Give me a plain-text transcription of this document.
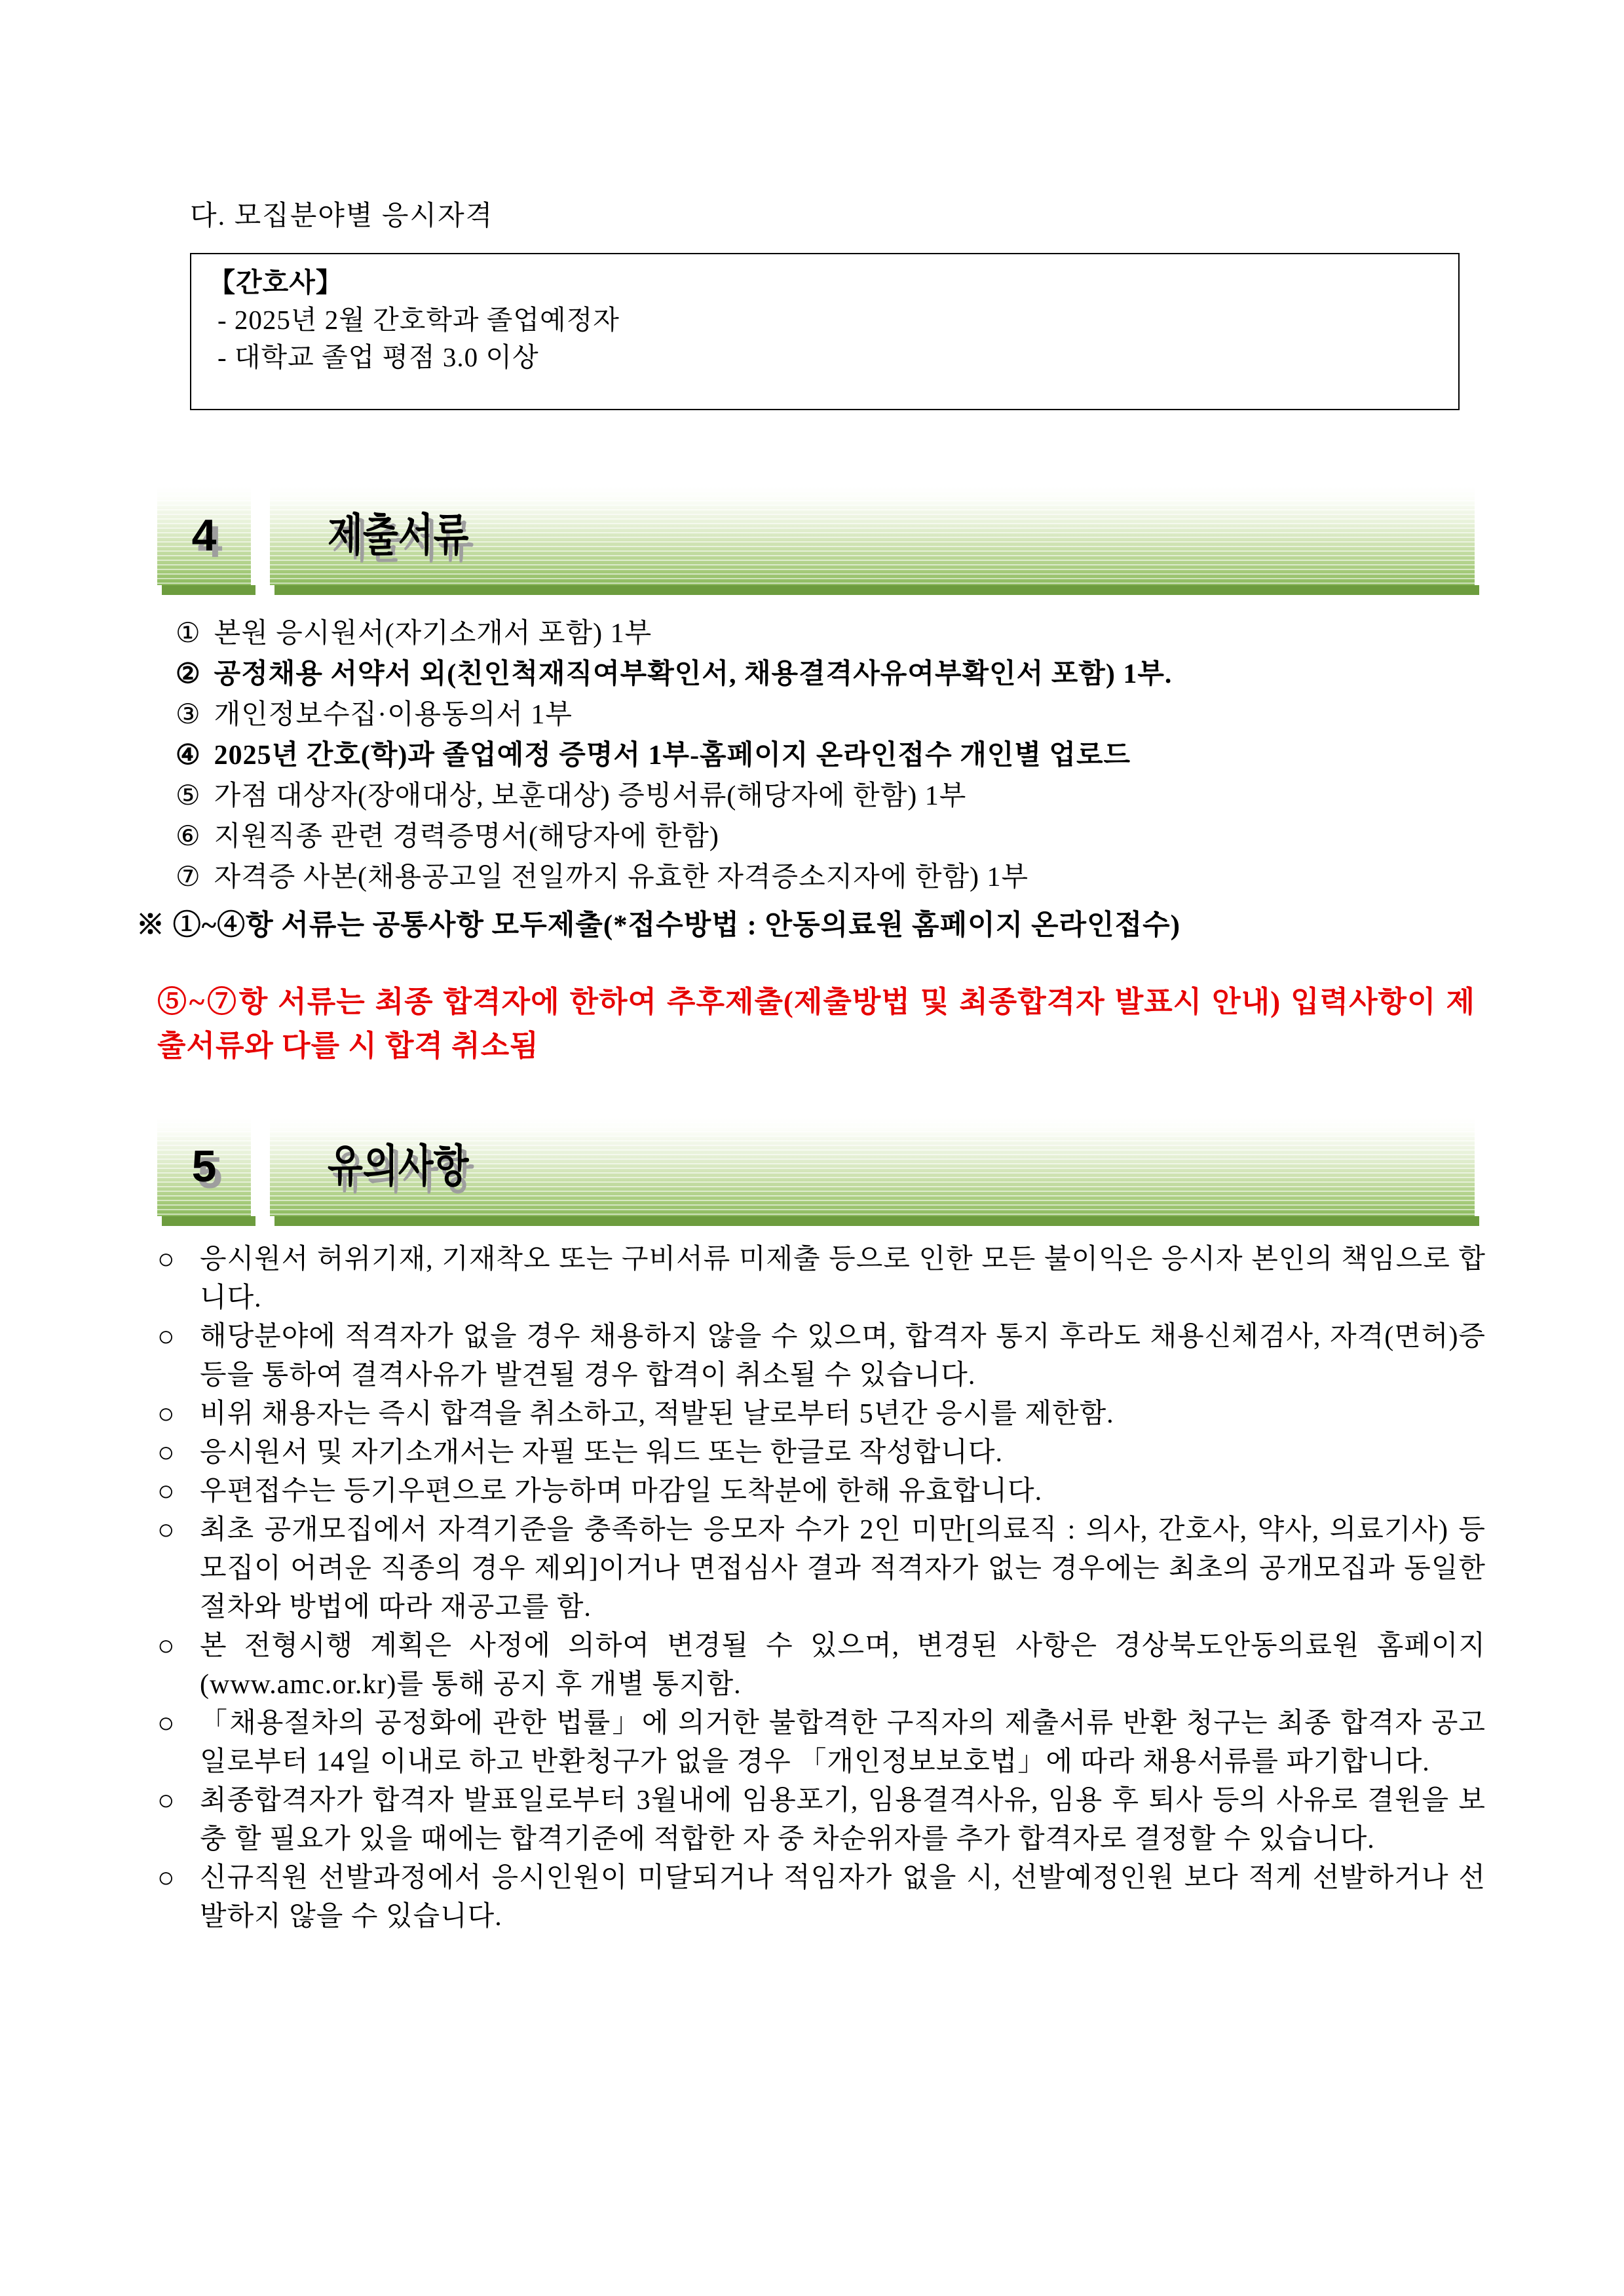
다. 모집분야별 응시자격
【간호사】
- 2025년 2월 간호학과 졸업예정자
- 대학교 졸업 평점 3.0 이상
4	제출서류
① 본원 응시원서(자기소개서 포함) 1부
② 공정채용 서약서 외(친인척재직여부확인서, 채용결격사유여부확인서 포함) 1부.
③ 개인정보수집·이용동의서 1부
④ 2025년 간호(학)과 졸업예정 증명서 1부-홈페이지 온라인접수 개인별 업로드
⑤ 가점 대상자(장애대상, 보훈대상) 증빙서류(해당자에 한함) 1부
⑥ 지원직종 관련 경력증명서(해당자에 한함)
⑦ 자격증 사본(채용공고일 전일까지 유효한 자격증소지자에 한함) 1부
※ ①~④항 서류는 공통사항 모두제출(*접수방법 : 안동의료원 홈페이지 온라인접수)
⑤~⑦항 서류는 최종 합격자에 한하여 추후제출(제출방법 및 최종합격자 발표시 안내) 입력사항이 제출서류와 다를 시 합격 취소됨
5	유의사항
○ 응시원서 허위기재, 기재착오 또는 구비서류 미제출 등으로 인한 모든 불이익은 응시자 본인의 책임으로 합니다.
○ 해당분야에 적격자가 없을 경우 채용하지 않을 수 있으며, 합격자 통지 후라도 채용신체검사, 자격(면허)증 등을 통하여 결격사유가 발견될 경우 합격이 취소될 수 있습니다.
○ 비위 채용자는 즉시 합격을 취소하고, 적발된 날로부터 5년간 응시를 제한함.
○ 응시원서 및 자기소개서는 자필 또는 워드 또는 한글로 작성합니다.
○ 우편접수는 등기우편으로 가능하며 마감일 도착분에 한해 유효합니다.
○ 최초 공개모집에서 자격기준을 충족하는 응모자 수가 2인 미만[의료직 : 의사, 간호사, 약사, 의료기사) 등 모집이 어려운 직종의 경우 제외]이거나 면접심사 결과 적격자가 없는 경우에는 최초의 공개모집과 동일한 절차와 방법에 따라 재공고를 함.
○ 본 전형시행 계획은 사정에 의하여 변경될 수 있으며, 변경된 사항은 경상북도안동의료원 홈페이지(www.amc.or.kr)를 통해 공지 후 개별 통지함.
○ 「채용절차의 공정화에 관한 법률」에 의거한 불합격한 구직자의 제출서류 반환 청구는 최종 합격자 공고일로부터 14일 이내로 하고 반환청구가 없을 경우 「개인정보보호법」에 따라 채용서류를 파기합니다.
○ 최종합격자가 합격자 발표일로부터 3월내에 임용포기, 임용결격사유, 임용 후 퇴사 등의 사유로 결원을 보충 할 필요가 있을 때에는 합격기준에 적합한 자 중 차순위자를 추가 합격자로 결정할 수 있습니다.
○ 신규직원 선발과정에서 응시인원이 미달되거나 적임자가 없을 시, 선발예정인원 보다 적게 선발하거나 선발하지 않을 수 있습니다.
